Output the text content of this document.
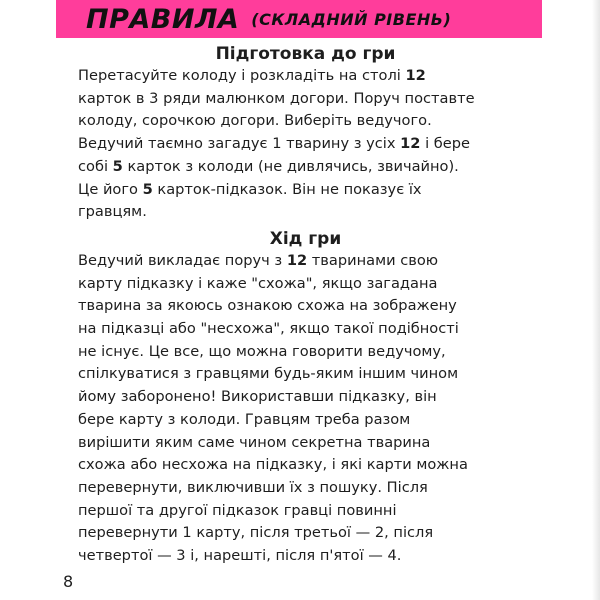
ПРАВИЛА (СКЛАДНИЙ РІВЕНЬ)
Підготовка до гри

Перетасуйте колоду і розкладіть на столі 12
карток в 3 ряди малюнком догори. Поруч поставте
колоду, сорочкою догори. Виберіть ведучого.
Ведучий таємно загадує 1 тварину з усіх 12 і бере
собі 5 карток з колоди (не дивлячись, звичайно).
Це його 5 карток-підказок. Він не показує їх
гравцям.

Хід гри

Ведучий викладає поруч з 12 тваринами свою
карту підказку і каже "схожа", якщо загадана
тварина за якоюсь ознакою схожа на зображену
на підказці або "несхожа", якщо такої подібності
не існує. Це все, що можна говорити ведучому,
спілкуватися з гравцями будь-яким іншим чином
йому заборонено! Використавши підказку, він
бере карту з колоди. Гравцям треба разом
вирішити яким саме чином секретна тварина
схожа або несхожа на підказку, і які карти можна
перевернути, виключивши їх з пошуку. Після
першої та другої підказок гравці повинні
перевернути 1 карту, після третьої — 2, після
четвертої — 3 і, нарешті, після п'ятої — 4.

8
